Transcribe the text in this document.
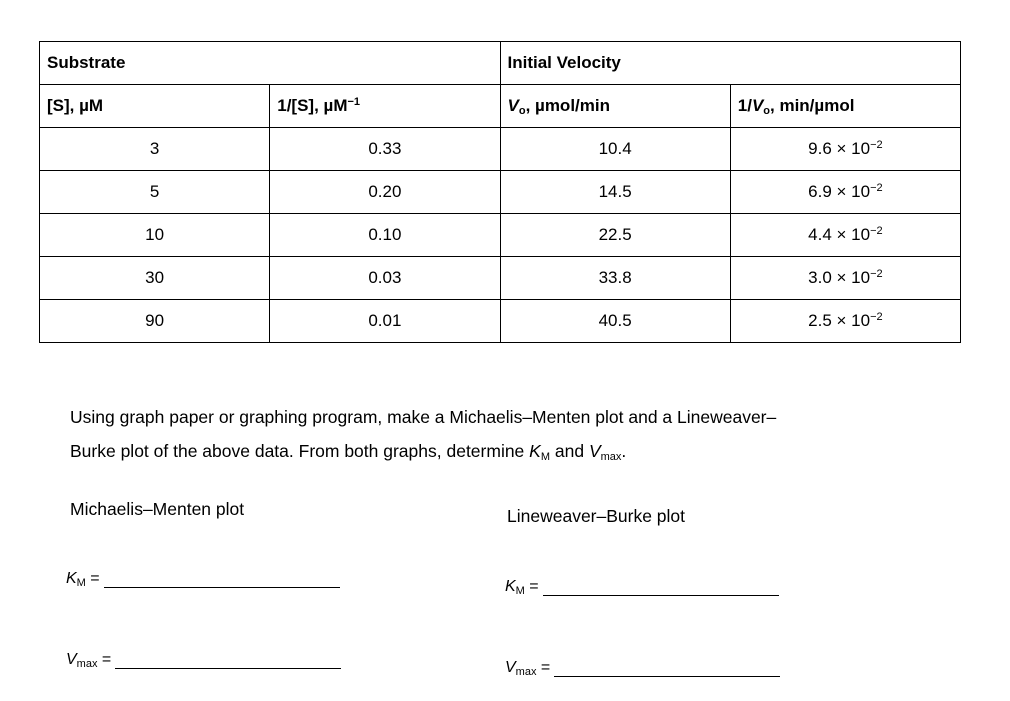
Substrate		Initial Velocity	
[S], µM	1/[S], µM$^{-1}$	$V_o$, µmol/min	$1/V_o$, min/µmol
3	0.33	10.4	$9.6 \times 10^{-2}$
5	0.20	14.5	$6.9 \times 10^{-2}$
10	0.10	22.5	$4.4 \times 10^{-2}$
30	0.03	33.8	$3.0 \times 10^{-2}$
90	0.01	40.5	$2.5 \times 10^{-2}$
Using graph paper or graphing program, make a Michaelis–Menten plot and a Lineweaver–
Burke plot of the above data. From both graphs, determine $K_M$ and $V_{max}$.
Michaelis–Menten plot	Lineweaver–Burke plot
$K_M$ =
$V_{max}$ =
$K_M$ =
$V_{max}$ =
